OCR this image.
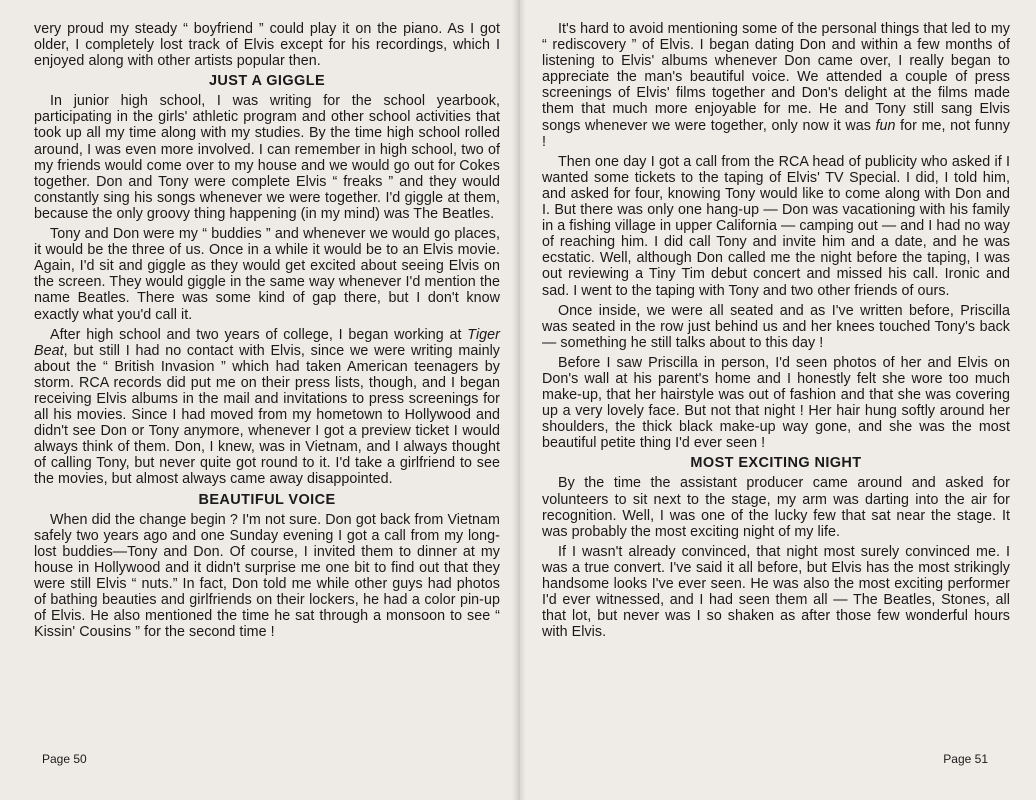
very proud my steady “ boyfriend ” could play it on the piano. As I got older, I completely lost track of Elvis except for his recordings, which I enjoyed along with other artists popular then.

JUST A GIGGLE

In junior high school, I was writing for the school yearbook, participating in the girls' athletic program and other school activities that took up all my time along with my studies. By the time high school rolled around, I was even more involved. I can remember in high school, two of my friends would come over to my house and we would go out for Cokes together. Don and Tony were complete Elvis “ freaks ” and they would constantly sing his songs whenever we were together. I'd giggle at them, because the only groovy thing happening (in my mind) was The Beatles.

Tony and Don were my “ buddies ” and whenever we would go places, it would be the three of us. Once in a while it would be to an Elvis movie. Again, I'd sit and giggle as they would get excited about seeing Elvis on the screen. They would giggle in the same way whenever I'd mention the name Beatles. There was some kind of gap there, but I don't know exactly what you'd call it.

After high school and two years of college, I began working at Tiger Beat, but still I had no contact with Elvis, since we were writing mainly about the “ British Invasion ” which had taken American teenagers by storm. RCA records did put me on their press lists, though, and I began receiving Elvis albums in the mail and invitations to press screenings for all his movies. Since I had moved from my hometown to Hollywood and didn't see Don or Tony anymore, whenever I got a preview ticket I would always think of them. Don, I knew, was in Vietnam, and I always thought of calling Tony, but never quite got round to it. I'd take a girlfriend to see the movies, but almost always came away disappointed.

BEAUTIFUL VOICE

When did the change begin ? I'm not sure. Don got back from Vietnam safely two years ago and one Sunday evening I got a call from my long-lost buddies—Tony and Don. Of course, I invited them to dinner at my house in Hollywood and it didn't surprise me one bit to find out that they were still Elvis “ nuts.” In fact, Don told me while other guys had photos of bathing beauties and girlfriends on their lockers, he had a color pin-up of Elvis. He also mentioned the time he sat through a monsoon to see “ Kissin' Cousins ” for the second time !

Page 50

It's hard to avoid mentioning some of the personal things that led to my “ rediscovery ” of Elvis. I began dating Don and within a few months of listening to Elvis' albums whenever Don came over, I really began to appreciate the man's beautiful voice. We attended a couple of press screenings of Elvis' films together and Don's delight at the films made them that much more enjoyable for me. He and Tony still sang Elvis songs whenever we were together, only now it was fun for me, not funny !

Then one day I got a call from the RCA head of publicity who asked if I wanted some tickets to the taping of Elvis' TV Special. I did, I told him, and asked for four, knowing Tony would like to come along with Don and I. But there was only one hang-up — Don was vacationing with his family in a fishing village in upper California — camping out — and I had no way of reaching him. I did call Tony and invite him and a date, and he was ecstatic. Well, although Don called me the night before the taping, I was out reviewing a Tiny Tim debut concert and missed his call. Ironic and sad. I went to the taping with Tony and two other friends of ours.

Once inside, we were all seated and as I've written before, Priscilla was seated in the row just behind us and her knees touched Tony's back — something he still talks about to this day !

Before I saw Priscilla in person, I'd seen photos of her and Elvis on Don's wall at his parent's home and I honestly felt she wore too much make-up, that her hairstyle was out of fashion and that she was covering up a very lovely face. But not that night ! Her hair hung softly around her shoulders, the thick black make-up way gone, and she was the most beautiful petite thing I'd ever seen !

MOST EXCITING NIGHT

By the time the assistant producer came around and asked for volunteers to sit next to the stage, my arm was darting into the air for recognition. Well, I was one of the lucky few that sat near the stage. It was probably the most exciting night of my life.

If I wasn't already convinced, that night most surely convinced me. I was a true convert. I've said it all before, but Elvis has the most strikingly handsome looks I've ever seen. He was also the most exciting performer I'd ever witnessed, and I had seen them all — The Beatles, Stones, all that lot, but never was I so shaken as after those few wonderful hours with Elvis.

Page 51
